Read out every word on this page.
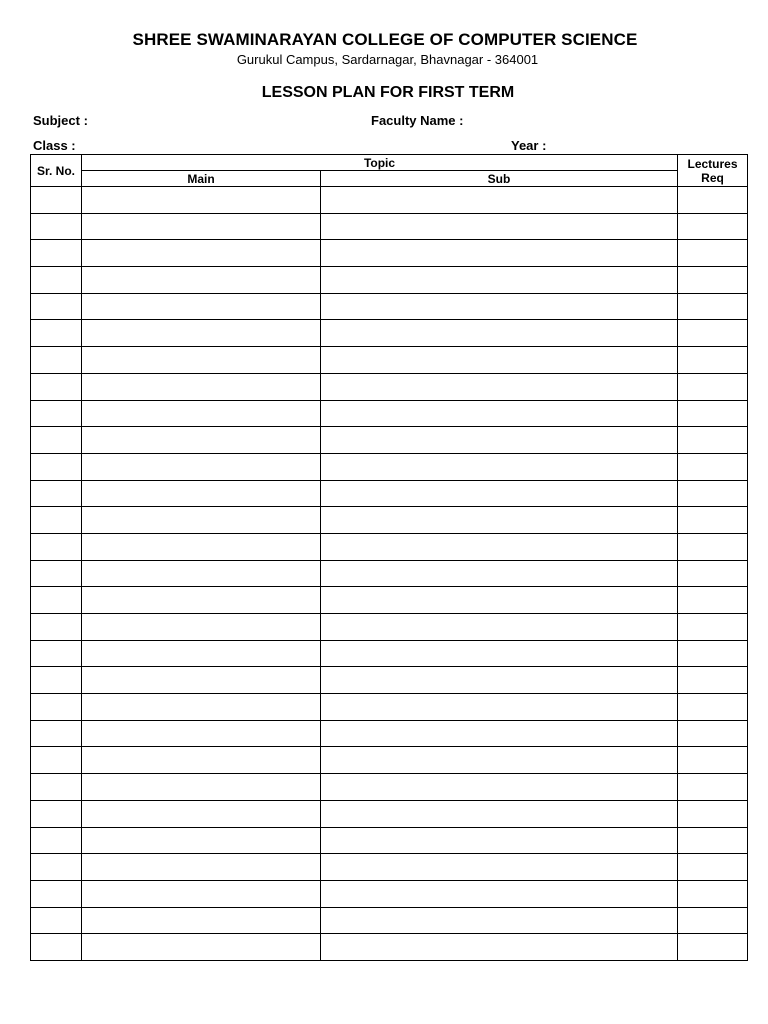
SHREE SWAMINARAYAN COLLEGE OF COMPUTER SCIENCE
Gurukul Campus, Sardarnagar, Bhavnagar - 364001
LESSON PLAN FOR FIRST TERM
Subject :	Faculty Name :
Class :	Year :
Sr. No.	Topic		Lectures
Req

	Main	Sub	
